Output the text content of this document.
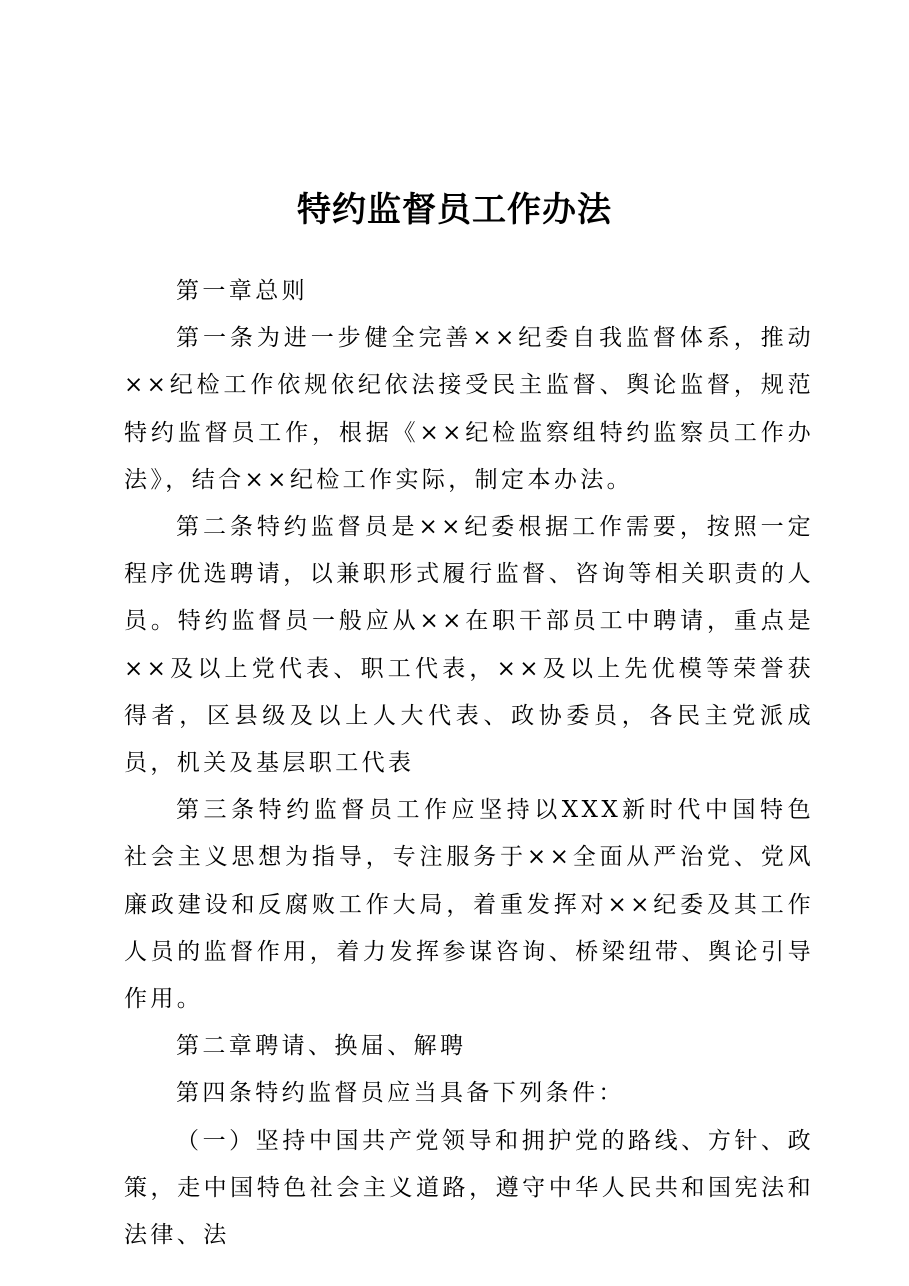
特约监督员工作办法

第一章总则

第一条为进一步健全完善××纪委自我监督体系，推动××纪检工作依规依纪依法接受民主监督、舆论监督，规范特约监督员工作，根据《××纪检监察组特约监察员工作办法》，结合××纪检工作实际，制定本办法。

第二条特约监督员是××纪委根据工作需要，按照一定程序优选聘请，以兼职形式履行监督、咨询等相关职责的人员。特约监督员一般应从××在职干部员工中聘请，重点是××及以上党代表、职工代表，××及以上先优模等荣誉获得者，区县级及以上人大代表、政协委员，各民主党派成员，机关及基层职工代表

第三条特约监督员工作应坚持以XXX新时代中国特色社会主义思想为指导，专注服务于××全面从严治党、党风廉政建设和反腐败工作大局，着重发挥对××纪委及其工作人员的监督作用，着力发挥参谋咨询、桥梁纽带、舆论引导作用。

第二章聘请、换届、解聘

第四条特约监督员应当具备下列条件：

（一）坚持中国共产党领导和拥护党的路线、方针、政策，走中国特色社会主义道路，遵守中华人民共和国宪法和法律、法
